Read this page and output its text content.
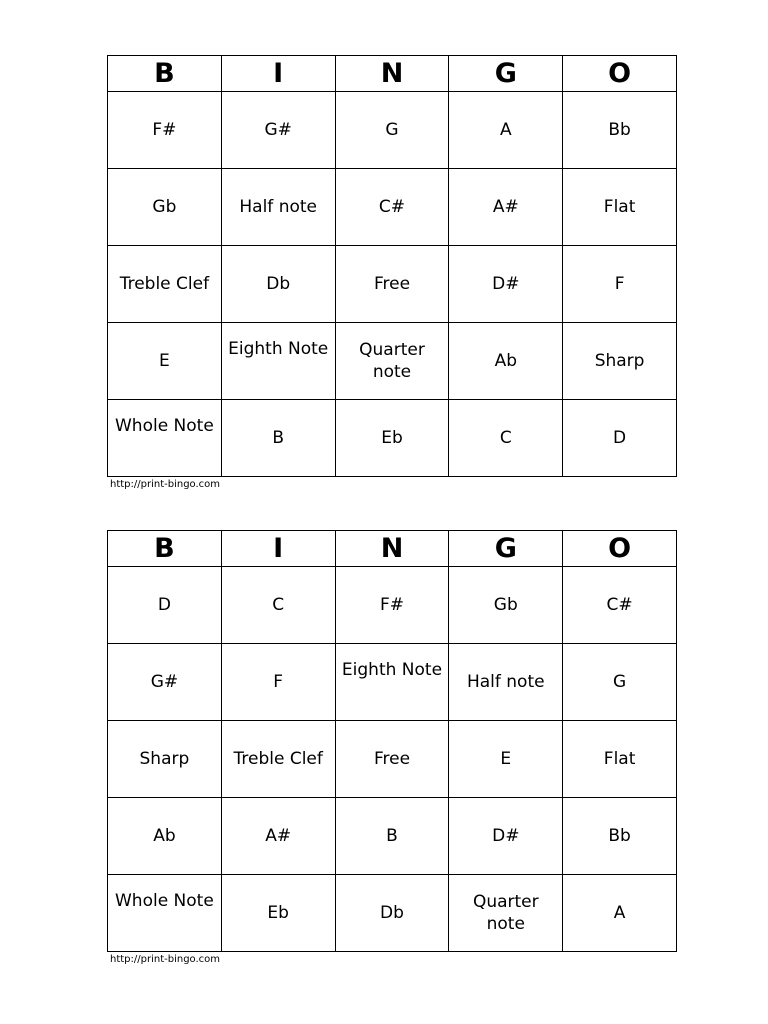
B	I	N	G	O
F#	G#	G	A	Bb
Gb	Half note	C#	A#	Flat
Treble Clef	Db	Free	D#	F
E	Eighth Note	Quarter note	Ab	Sharp
Whole Note	B	Eb	C	D
http://print-bingo.com
B	I	N	G	O
D	C	F#	Gb	C#
G#	F	Eighth Note	Half note	G
Sharp	Treble Clef	Free	E	Flat
Ab	A#	B	D#	Bb
Whole Note	Eb	Db	Quarter note	A
http://print-bingo.com
